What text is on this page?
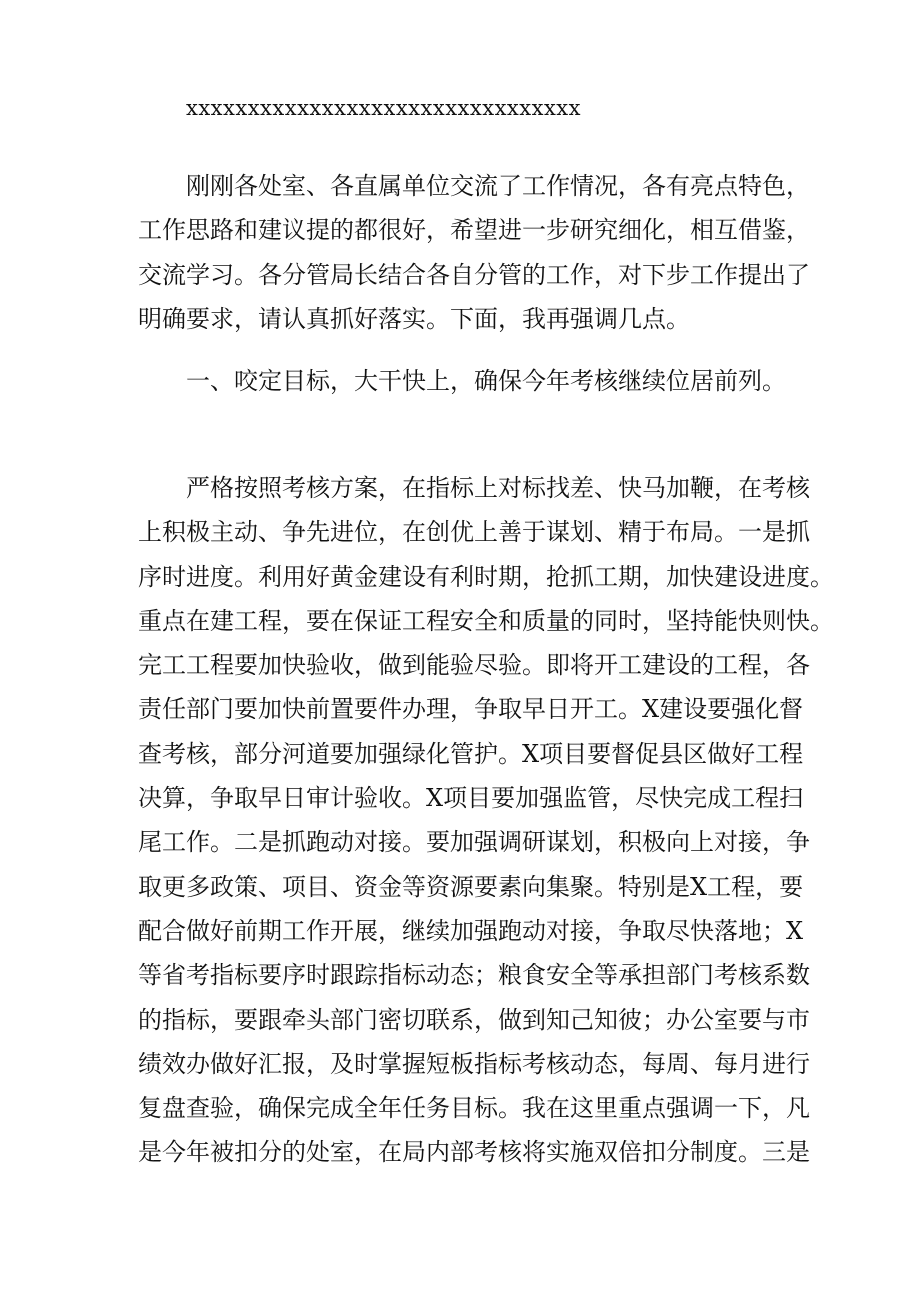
xxxxxxxxxxxxxxxxxxxxxxxxxxxxxxxx
刚刚各处室、各直属单位交流了工作情况，各有亮点特色，
工作思路和建议提的都很好，希望进一步研究细化，相互借鉴，
交流学习。各分管局长结合各自分管的工作，对下步工作提出了
明确要求，请认真抓好落实。下面，我再强调几点。
一、咬定目标，大干快上，确保今年考核继续位居前列。
严格按照考核方案，在指标上对标找差、快马加鞭，在考核
上积极主动、争先进位，在创优上善于谋划、精于布局。一是抓
序时进度。利用好黄金建设有利时期，抢抓工期，加快建设进度。
重点在建工程，要在保证工程安全和质量的同时，坚持能快则快。
完工工程要加快验收，做到能验尽验。即将开工建设的工程，各
责任部门要加快前置要件办理，争取早日开工。X建设要强化督
查考核，部分河道要加强绿化管护。X项目要督促县区做好工程
决算，争取早日审计验收。X项目要加强监管，尽快完成工程扫
尾工作。二是抓跑动对接。要加强调研谋划，积极向上对接，争
取更多政策、项目、资金等资源要素向集聚。特别是X工程，要
配合做好前期工作开展，继续加强跑动对接，争取尽快落地；X
等省考指标要序时跟踪指标动态；粮食安全等承担部门考核系数
的指标，要跟牵头部门密切联系，做到知己知彼；办公室要与市
绩效办做好汇报，及时掌握短板指标考核动态，每周、每月进行
复盘查验，确保完成全年任务目标。我在这里重点强调一下，凡
是今年被扣分的处室，在局内部考核将实施双倍扣分制度。三是
